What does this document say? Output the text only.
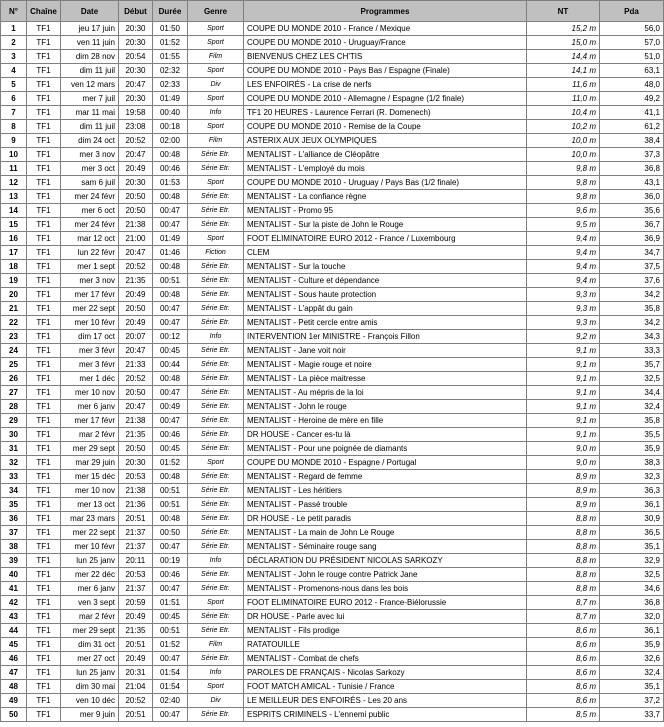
N°	Chaîne	Date	Début	Durée	Genre	Programmes	NT	Pda
1	TF1	jeu 17 juin	20:30	01:50	Sport	COUPE DU MONDE 2010 - France / Mexique	15,2 m	56,0
2	TF1	ven 11 juin	20:30	01:52	Sport	COUPE DU MONDE 2010 - Uruguay/France	15,0 m	57,0
3	TF1	dim 28 nov	20:54	01:55	Film	BIENVENUS CHEZ LES CH'TIS	14,4 m	51,0
4	TF1	dim 11 juil	20:30	02:32	Sport	COUPE DU MONDE 2010 - Pays Bas / Espagne (Finale)	14,1 m	63,1
5	TF1	ven 12 mars	20:47	02:33	Div	LES ENFOIRÉS - La crise de nerfs	11,6 m	48,0
6	TF1	mer 7 juil	20:30	01:49	Sport	COUPE DU MONDE 2010 - Allemagne / Espagne (1/2 finale)	11,0 m	49,2
7	TF1	mar 11 mai	19:58	00:40	Info	TF1 20 HEURES - Laurence Ferrari (R. Domenech)	10,4 m	41,1
8	TF1	dim 11 juil	23:08	00:18	Sport	COUPE DU MONDE 2010 - Remise de la Coupe	10,2 m	61,2
9	TF1	dim 24 oct	20:52	02:00	Film	ASTERIX AUX JEUX OLYMPIQUES	10,0 m	38,4
10	TF1	mer 3 nov	20:47	00:48	Série Etr.	MENTALIST - L'alliance de Cléopâtre	10,0 m	37,3
11	TF1	mer 3 oct	20:49	00:46	Série Etr.	MENTALIST - L'employé du mois	9,8 m	36,8
12	TF1	sam 6 juil	20:30	01:53	Sport	COUPE DU MONDE 2010 - Uruguay / Pays Bas (1/2 finale)	9,8 m	43,1
13	TF1	mer 24 févr	20:50	00:48	Série Etr.	MENTALIST - La confiance règne	9,8 m	36,0
14	TF1	mer 6 oct	20:50	00:47	Série Etr.	MENTALIST - Promo 95	9,6 m	35,6
15	TF1	mer 24 févr	21:38	00:47	Série Etr.	MENTALIST - Sur la piste de John le Rouge	9,5 m	36,7
16	TF1	mar 12 oct	21:00	01:49	Sport	FOOT ELIMINATOIRE EURO 2012 - France / Luxembourg	9,4 m	36,9
17	TF1	lun 22 févr	20:47	01:46	Fiction	CLEM	9,4 m	34,7
18	TF1	mer 1 sept	20:52	00:48	Série Etr.	MENTALIST - Sur la touche	9,4 m	37,5
19	TF1	mer 3 nov	21:35	00:51	Série Etr.	MENTALIST - Culture et dépendance	9,4 m	37,6
20	TF1	mer 17 févr	20:49	00:48	Série Etr.	MENTALIST - Sous haute protection	9,3 m	34,2
21	TF1	mer 22 sept	20:50	00:47	Série Etr.	MENTALIST - L'appât du gain	9,3 m	35,8
22	TF1	mer 10 févr	20:49	00:47	Série Etr.	MENTALIST - Petit cercle entre amis	9,3 m	34,2
23	TF1	dim 17 oct	20:07	00:12	Info	INTERVENTION 1er MINISTRE - François Fillon	9,2 m	34,3
24	TF1	mer 3 févr	20:47	00:45	Série Etr.	MENTALIST - Jane voit noir	9,1 m	33,3
25	TF1	mer 3 févr	21:33	00:44	Série Etr.	MENTALIST - Magie rouge et noire	9,1 m	35,7
26	TF1	mer 1 déc	20:52	00:48	Série Etr.	MENTALIST - La pièce maitresse	9,1 m	32,5
27	TF1	mer 10 nov	20:50	00:47	Série Etr.	MENTALIST - Au mépris de la loi	9,1 m	34,4
28	TF1	mer 6 janv	20:47	00:49	Série Etr.	MENTALIST - John le rouge	9,1 m	32,4
29	TF1	mer 17 févr	21:38	00:47	Série Etr.	MENTALIST - Heroine de mère en fille	9,1 m	35,8
30	TF1	mar 2 févr	21:35	00:46	Série Etr.	DR HOUSE - Cancer es-tu là	9,1 m	35,5
31	TF1	mer 29 sept	20:50	00:45	Série Etr.	MENTALIST - Pour une poignée de diamants	9,0 m	35,9
32	TF1	mar 29 juin	20:30	01:52	Sport	COUPE DU MONDE 2010 - Espagne / Portugal	9,0 m	38,3
33	TF1	mer 15 déc	20:53	00:48	Série Etr.	MENTALIST - Regard de femme	8,9 m	32,3
34	TF1	mer 10 nov	21:38	00:51	Série Etr.	MENTALIST - Les héritiers	8,9 m	36,3
35	TF1	mer 13 oct	21:36	00:51	Série Etr.	MENTALIST - Passé trouble	8,9 m	36,1
36	TF1	mar 23 mars	20:51	00:48	Série Etr.	DR HOUSE - Le petit paradis	8,8 m	30,9
37	TF1	mer 22 sept	21:37	00:50	Série Etr.	MENTALIST - La main de John Le Rouge	8,8 m	36,5
38	TF1	mer 10 févr	21:37	00:47	Série Etr.	MENTALIST - Séminaire rouge sang	8,8 m	35,1
39	TF1	lun 25 janv	20:11	00:19	Info	DÉCLARATION DU PRÉSIDENT NICOLAS SARKOZY	8,8 m	32,9
40	TF1	mer 22 déc	20:53	00:46	Série Etr.	MENTALIST - John le rouge contre Patrick Jane	8,8 m	32,5
41	TF1	mer 6 janv	21:37	00:47	Série Etr.	MENTALIST - Promenons-nous dans les bois	8,8 m	34,6
42	TF1	ven 3 sept	20:59	01:51	Sport	FOOT ELIMINATOIRE EURO 2012 - France-Biélorussie	8,7 m	36,8
43	TF1	mar 2 févr	20:49	00:45	Série Etr.	DR HOUSE - Parle avec lui	8,7 m	32,0
44	TF1	mer 29 sept	21:35	00:51	Série Etr.	MENTALIST - Fils prodige	8,6 m	36,1
45	TF1	dim 31 oct	20:51	01:52	Film	RATATOUILLE	8,6 m	35,9
46	TF1	mer 27 oct	20:49	00:47	Série Etr.	MENTALIST - Combat de chefs	8,6 m	32,6
47	TF1	lun 25 janv	20:31	01:54	Info	PAROLES DE FRANÇAIS - Nicolas Sarkozy	8,6 m	32,4
48	TF1	dim 30 mai	21:04	01:54	Sport	FOOT MATCH AMICAL - Tunisie / France	8,6 m	35,1
49	TF1	ven 10 déc	20:52	02:40	Div	LE MEILLEUR DES ENFOIRÉS - Les 20 ans	8,6 m	37,2
50	TF1	mer 9 juin	20:51	00:47	Série Etr.	ESPRITS CRIMINELS - L'ennemi public	8,5 m	33,7
